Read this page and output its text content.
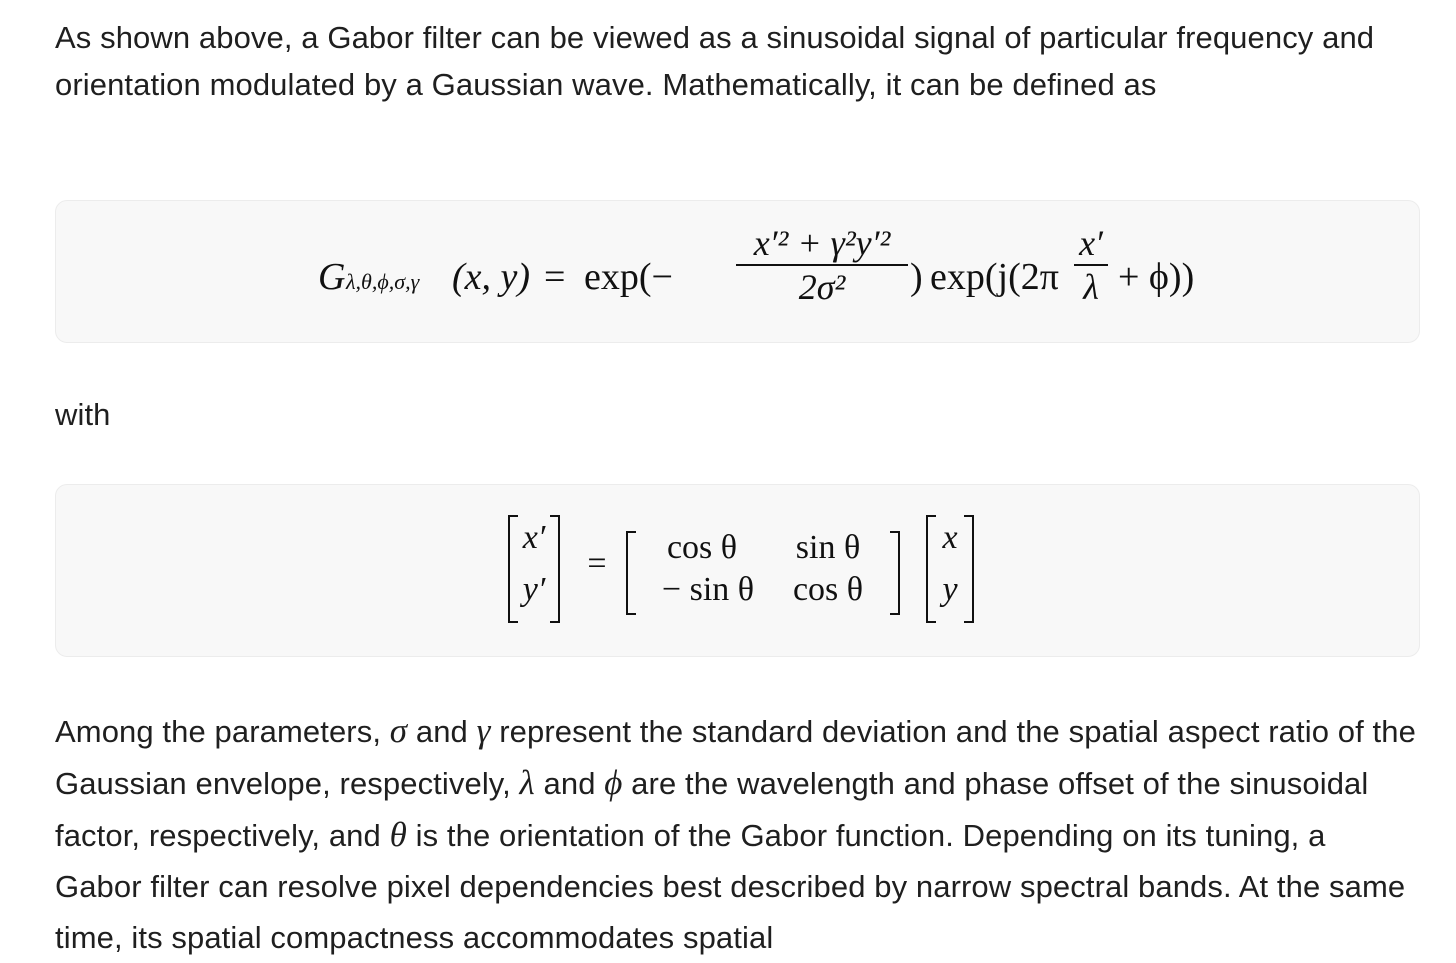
As shown above, a Gabor filter can be viewed as a sinusoidal signal of particular frequency and orientation modulated by a Gaussian wave. Mathematically, it can be defined as

G λ,θ,ϕ,σ,γ (x, y) = exp(−
x′² + γ²y′²
2σ² ) exp(j(2π
x′
λ + ϕ))

with

x′
y′
=	cos θ	sin θ
− sin θ	cos θ
x
y

Among the parameters, σ and γ represent the standard deviation and the spatial aspect ratio of the Gaussian envelope, respectively, λ and ϕ are the wavelength and phase offset of the sinusoidal factor, respectively, and θ is the orientation of the Gabor function. Depending on its tuning, a Gabor filter can resolve pixel dependencies best described by narrow spectral bands. At the same time, its spatial compactness accommodates spatial
